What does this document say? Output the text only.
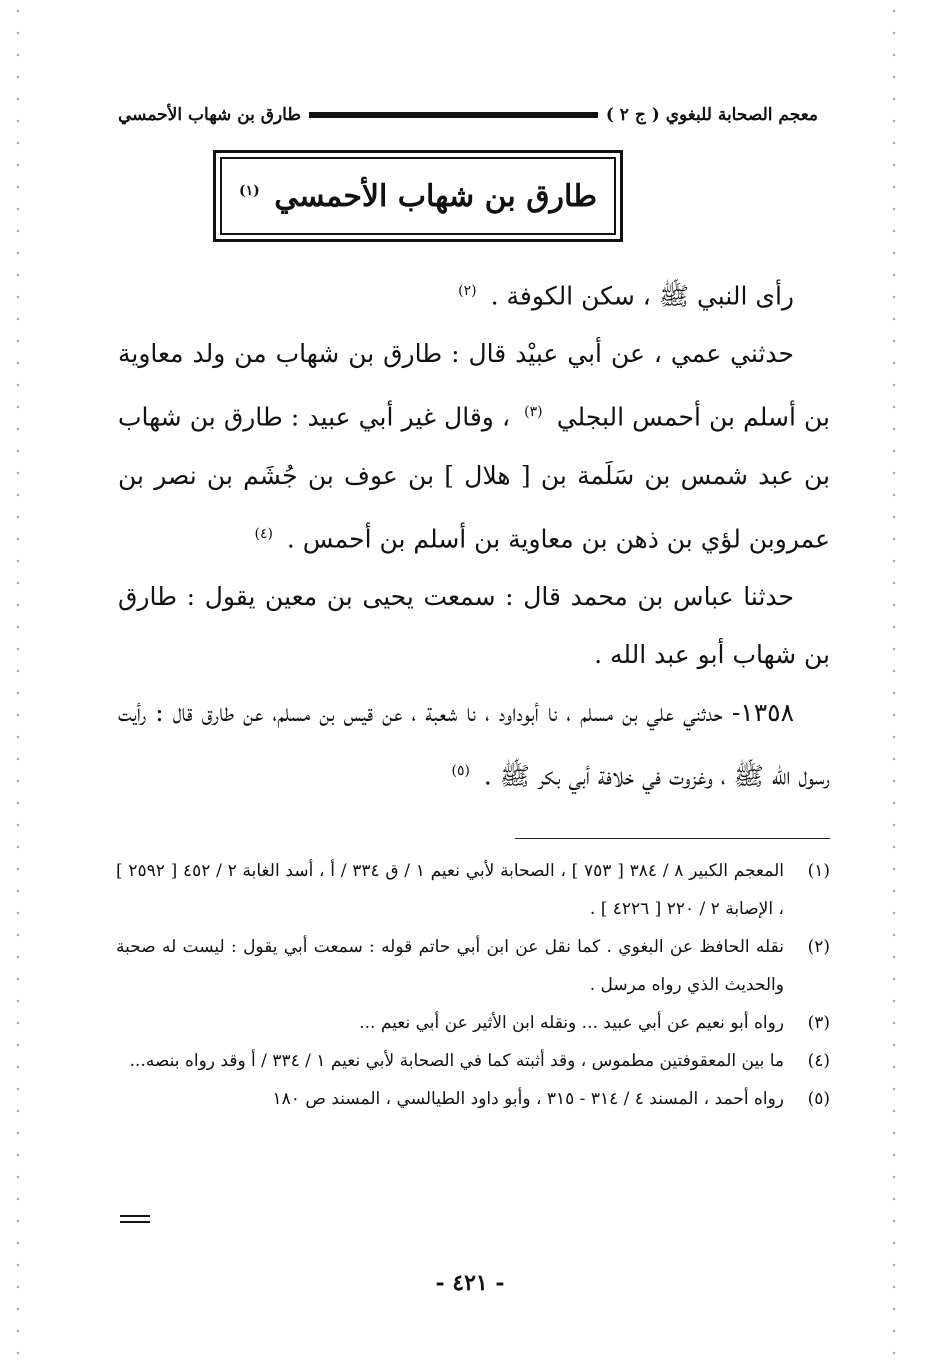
طارق بن شهاب الأحمسي	معجم الصحابة للبغوي ( ج ٢ )
طارق بن شهاب الأحمسي $^{(١)}$

رأى النبي ﷺ ، سكن الكوفة . $^{(٢)}$

حدثني عمي ، عن أبي عبيْد قال : طارق بن شهاب من ولد معاوية بن أسلم بن أحمس البجلي $^{(٣)}$ ، وقال غير أبي عبيد : طارق بن شهاب بن عبد شمس بن سَلَمة بن [ هلال ] بن عوف بن جُشَم بن نصر بن عمروبن لؤي بن ذهن بن معاوية بن أسلم بن أحمس . $^{(٤)}$

حدثنا عباس بن محمد قال : سمعت يحيى بن معين يقول : طارق بن شهاب أبو عبد الله .

١٣٥٨- حدثني علي بن مسلم ، نا أبوداود ، نا شعبة ، عن قيس بن مسلم، عن طارق قال : رأيت رسول الله ﷺ ، وغزوت في خلافة أبي بكر ﷺ . $^{(٥)}$

(١)
المعجم الكبير ٨ / ٣٨٤ [ ٧٥٣ ] ، الصحابة لأبي نعيم ١ / ق ٣٣٤ / أ ، أسد الغابة ٢ / ٤٥٢ [ ٢٥٩٢ ] ، الإصابة ٢ / ٢٢٠ [ ٤٢٢٦ ] .
(٢)
نقله الحافظ عن البغوي . كما نقل عن ابن أبي حاتم قوله : سمعت أبي يقول : ليست له صحبة والحديث الذي رواه مرسل .
(٣)
رواه أبو نعيم عن أبي عبيد ... ونقله ابن الأثير عن أبي نعيم ...
(٤)
ما بين المعقوفتين مطموس ، وقد أثبته كما في الصحابة لأبي نعيم ١ / ٣٣٤ / أ وقد رواه بنصه...
(٥)
رواه أحمد ، المسند ٤ / ٣١٤ - ٣١٥ ، وأبو داود الطيالسي ، المسند ص ١٨٠
- ٤٢١ -
